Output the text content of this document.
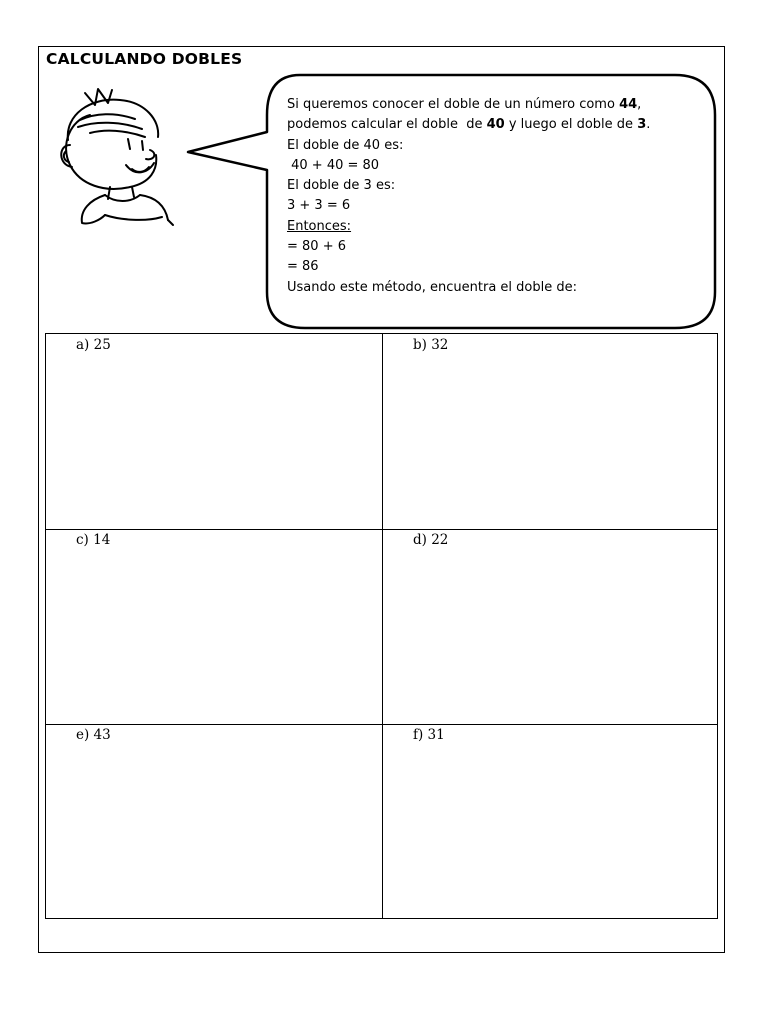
CALCULANDO DOBLES
Si queremos conocer el doble de un número como 44,
podemos calcular el doble  de 40 y luego el doble de 3.
El doble de 40 es:
40 + 40 = 80
El doble de 3 es:
3 + 3 = 6
Entonces:
= 80 + 6
= 86
Usando este método, encuentra el doble de:
a) 25	b) 32
c) 14	d) 22
e) 43	f) 31
